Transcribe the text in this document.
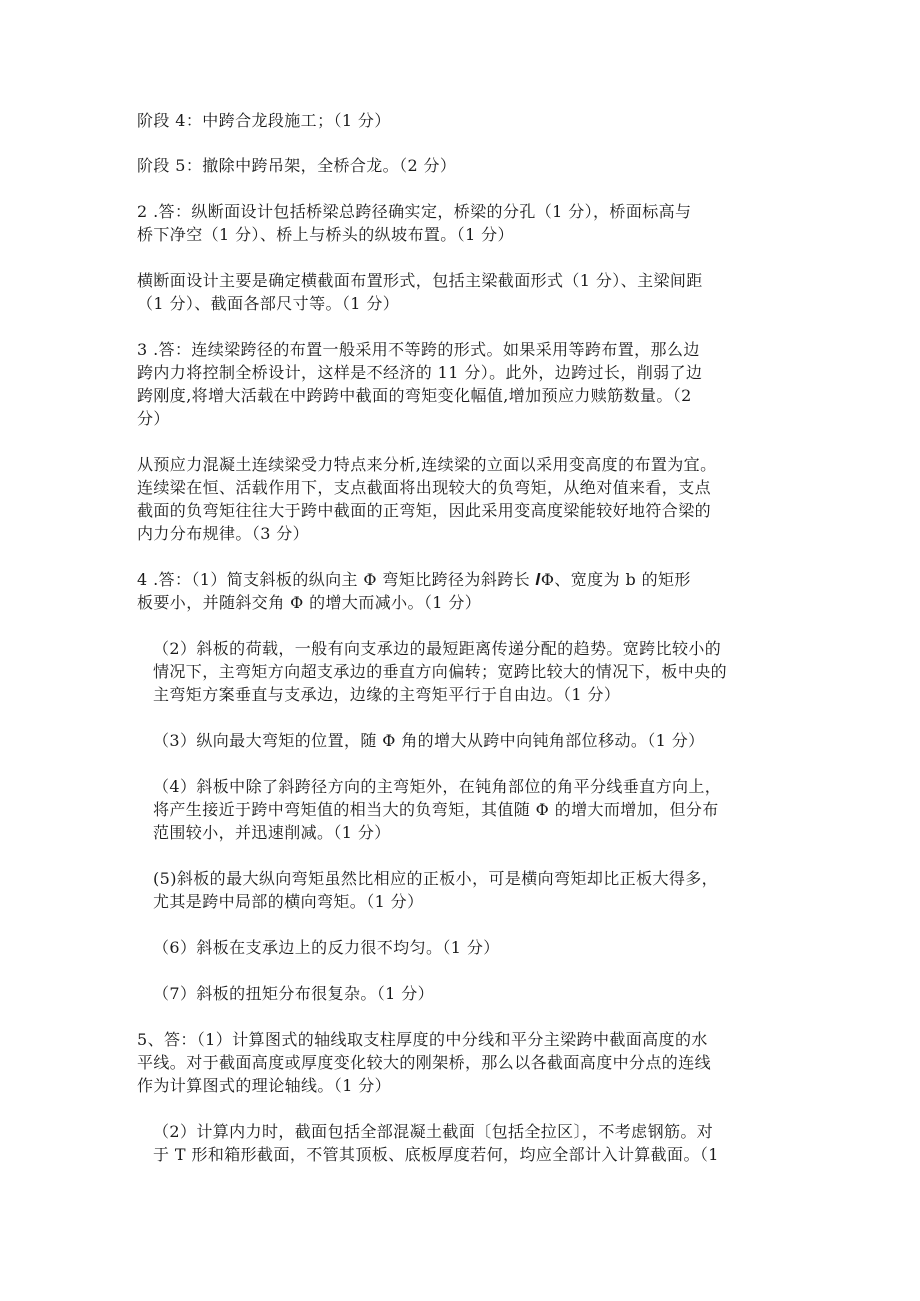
阶段 4：中跨合龙段施工；（1 分）

阶段 5：撤除中跨吊架，全桥合龙。（2 分）

2 .答：纵断面设计包括桥梁总跨径确实定，桥梁的分孔（1 分），桥面标高与
桥下净空（1 分）、桥上与桥头的纵坡布置。（1 分）

横断面设计主要是确定横截面布置形式，包括主梁截面形式（1 分）、主梁间距
（1 分）、截面各部尺寸等。（1 分）

3 .答：连续梁跨径的布置一般采用不等跨的形式。如果采用等跨布置，那么边
跨内力将控制全桥设计，这样是不经济的 11 分）。此外，边跨过长，削弱了边
跨刚度,将增大活载在中跨跨中截面的弯矩变化幅值,增加预应力赎筋数量。（2
分）

从预应力混凝土连续梁受力特点来分析,连续梁的立面以采用变高度的布置为宜。
连续梁在恒、活载作用下，支点截面将出现较大的负弯矩，从绝对值来看，支点
截面的负弯矩往往大于跨中截面的正弯矩，因此采用变高度梁能较好地符合梁的
内力分布规律。（3 分）

4 .答：（1）简支斜板的纵向主 Φ 弯矩比跨径为斜跨长 𝑰Φ、宽度为 b 的矩形
板要小，并随斜交角 Φ 的增大而减小。（1 分）

（2）斜板的荷载，一般有向支承边的最短距离传递分配的趋势。宽跨比较小的
情况下，主弯矩方向超支承边的垂直方向偏转；宽跨比较大的情况下，板中央的
主弯矩方案垂直与支承边，边缘的主弯矩平行于自由边。（1 分）

（3）纵向最大弯矩的位置，随 Φ 角的增大从跨中向钝角部位移动。（1 分）

（4）斜板中除了斜跨径方向的主弯矩外，在钝角部位的角平分线垂直方向上，
将产生接近于跨中弯矩值的相当大的负弯矩，其值随 Φ 的增大而增加，但分布
范围较小，并迅速削减。（1 分）

(5)斜板的最大纵向弯矩虽然比相应的正板小，可是横向弯矩却比正板大得多，
尤其是跨中局部的横向弯矩。（1 分）

（6）斜板在支承边上的反力很不均匀。（1 分）

（7）斜板的扭矩分布很复杂。（1 分）

5、答：（1）计算图式的轴线取支柱厚度的中分线和平分主梁跨中截面高度的水
平线。对于截面高度或厚度变化较大的刚架桥，那么以各截面高度中分点的连线
作为计算图式的理论轴线。（1 分）

（2）计算内力时，截面包括全部混凝土截面〔包括全拉区〕，不考虑钢筋。对
于 T 形和箱形截面，不管其顶板、底板厚度若何，均应全部计入计算截面。（1
